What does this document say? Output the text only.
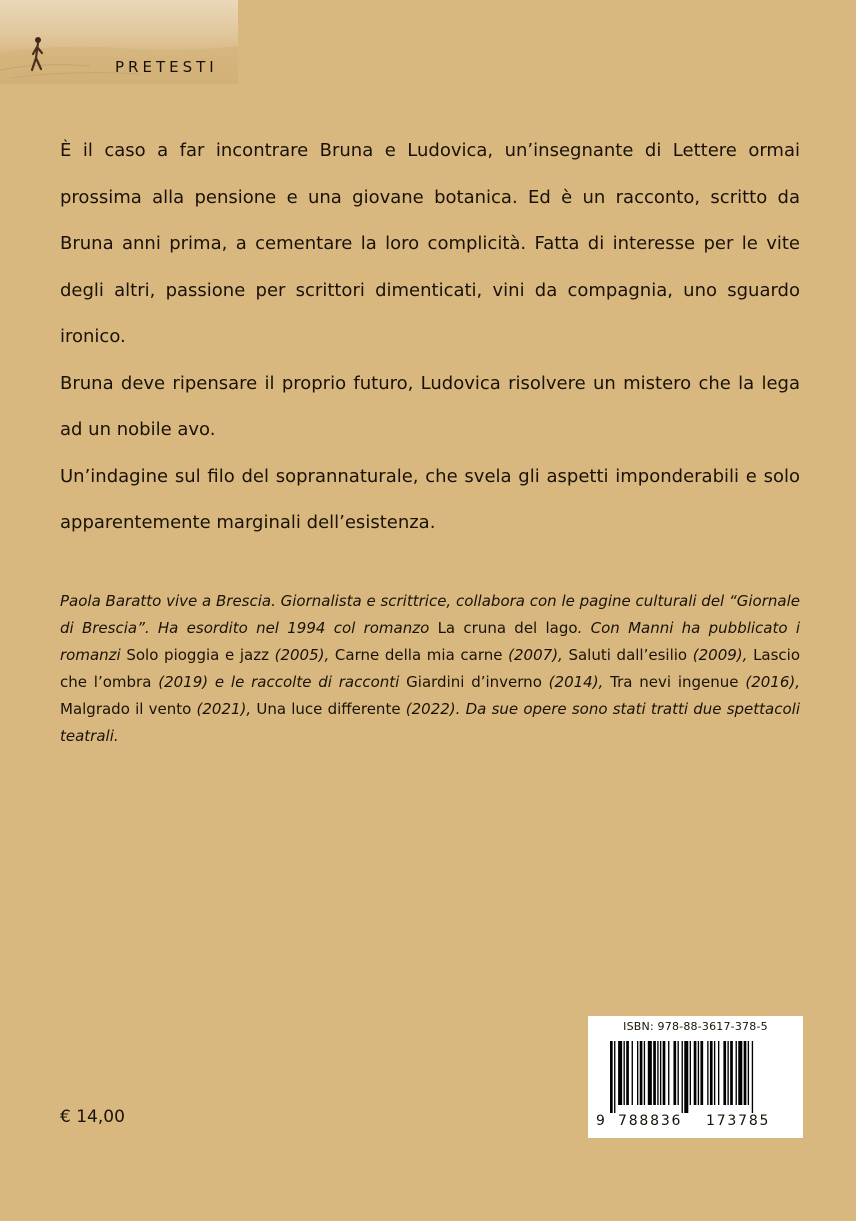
PRETESTI

È il caso a far incontrare Bruna e Ludovica, un’insegnante di Lettere ormai prossima alla pensione e una giovane botanica. Ed è un racconto, scritto da Bruna anni prima, a cementare la loro complicità. Fatta di interesse per le vite degli altri, passione per scrittori dimenticati, vini da compagnia, uno sguardo ironico.

Bruna deve ripensare il proprio futuro, Ludovica risolvere un mistero che la lega ad un nobile avo.

Un’indagine sul filo del soprannaturale, che svela gli aspetti imponderabili e solo apparentemente marginali dell’esistenza.

Paola Baratto vive a Brescia. Giornalista e scrittrice, collabora con le pagine culturali del “Giornale di Brescia”. Ha esordito nel 1994 col romanzo La cruna del lago. Con Manni ha pubblicato i romanzi Solo pioggia e jazz (2005), Carne della mia carne (2007), Saluti dall’esilio (2009), Lascio che l’ombra (2019) e le raccolte di racconti Giardini d’inverno (2014), Tra nevi ingenue (2016), Malgrado il vento (2021), Una luce differente (2022). Da sue opere sono stati tratti due spettacoli teatrali.
ISBN: 978-88-3617-378-5
9 788836 173785
€ 14,00
